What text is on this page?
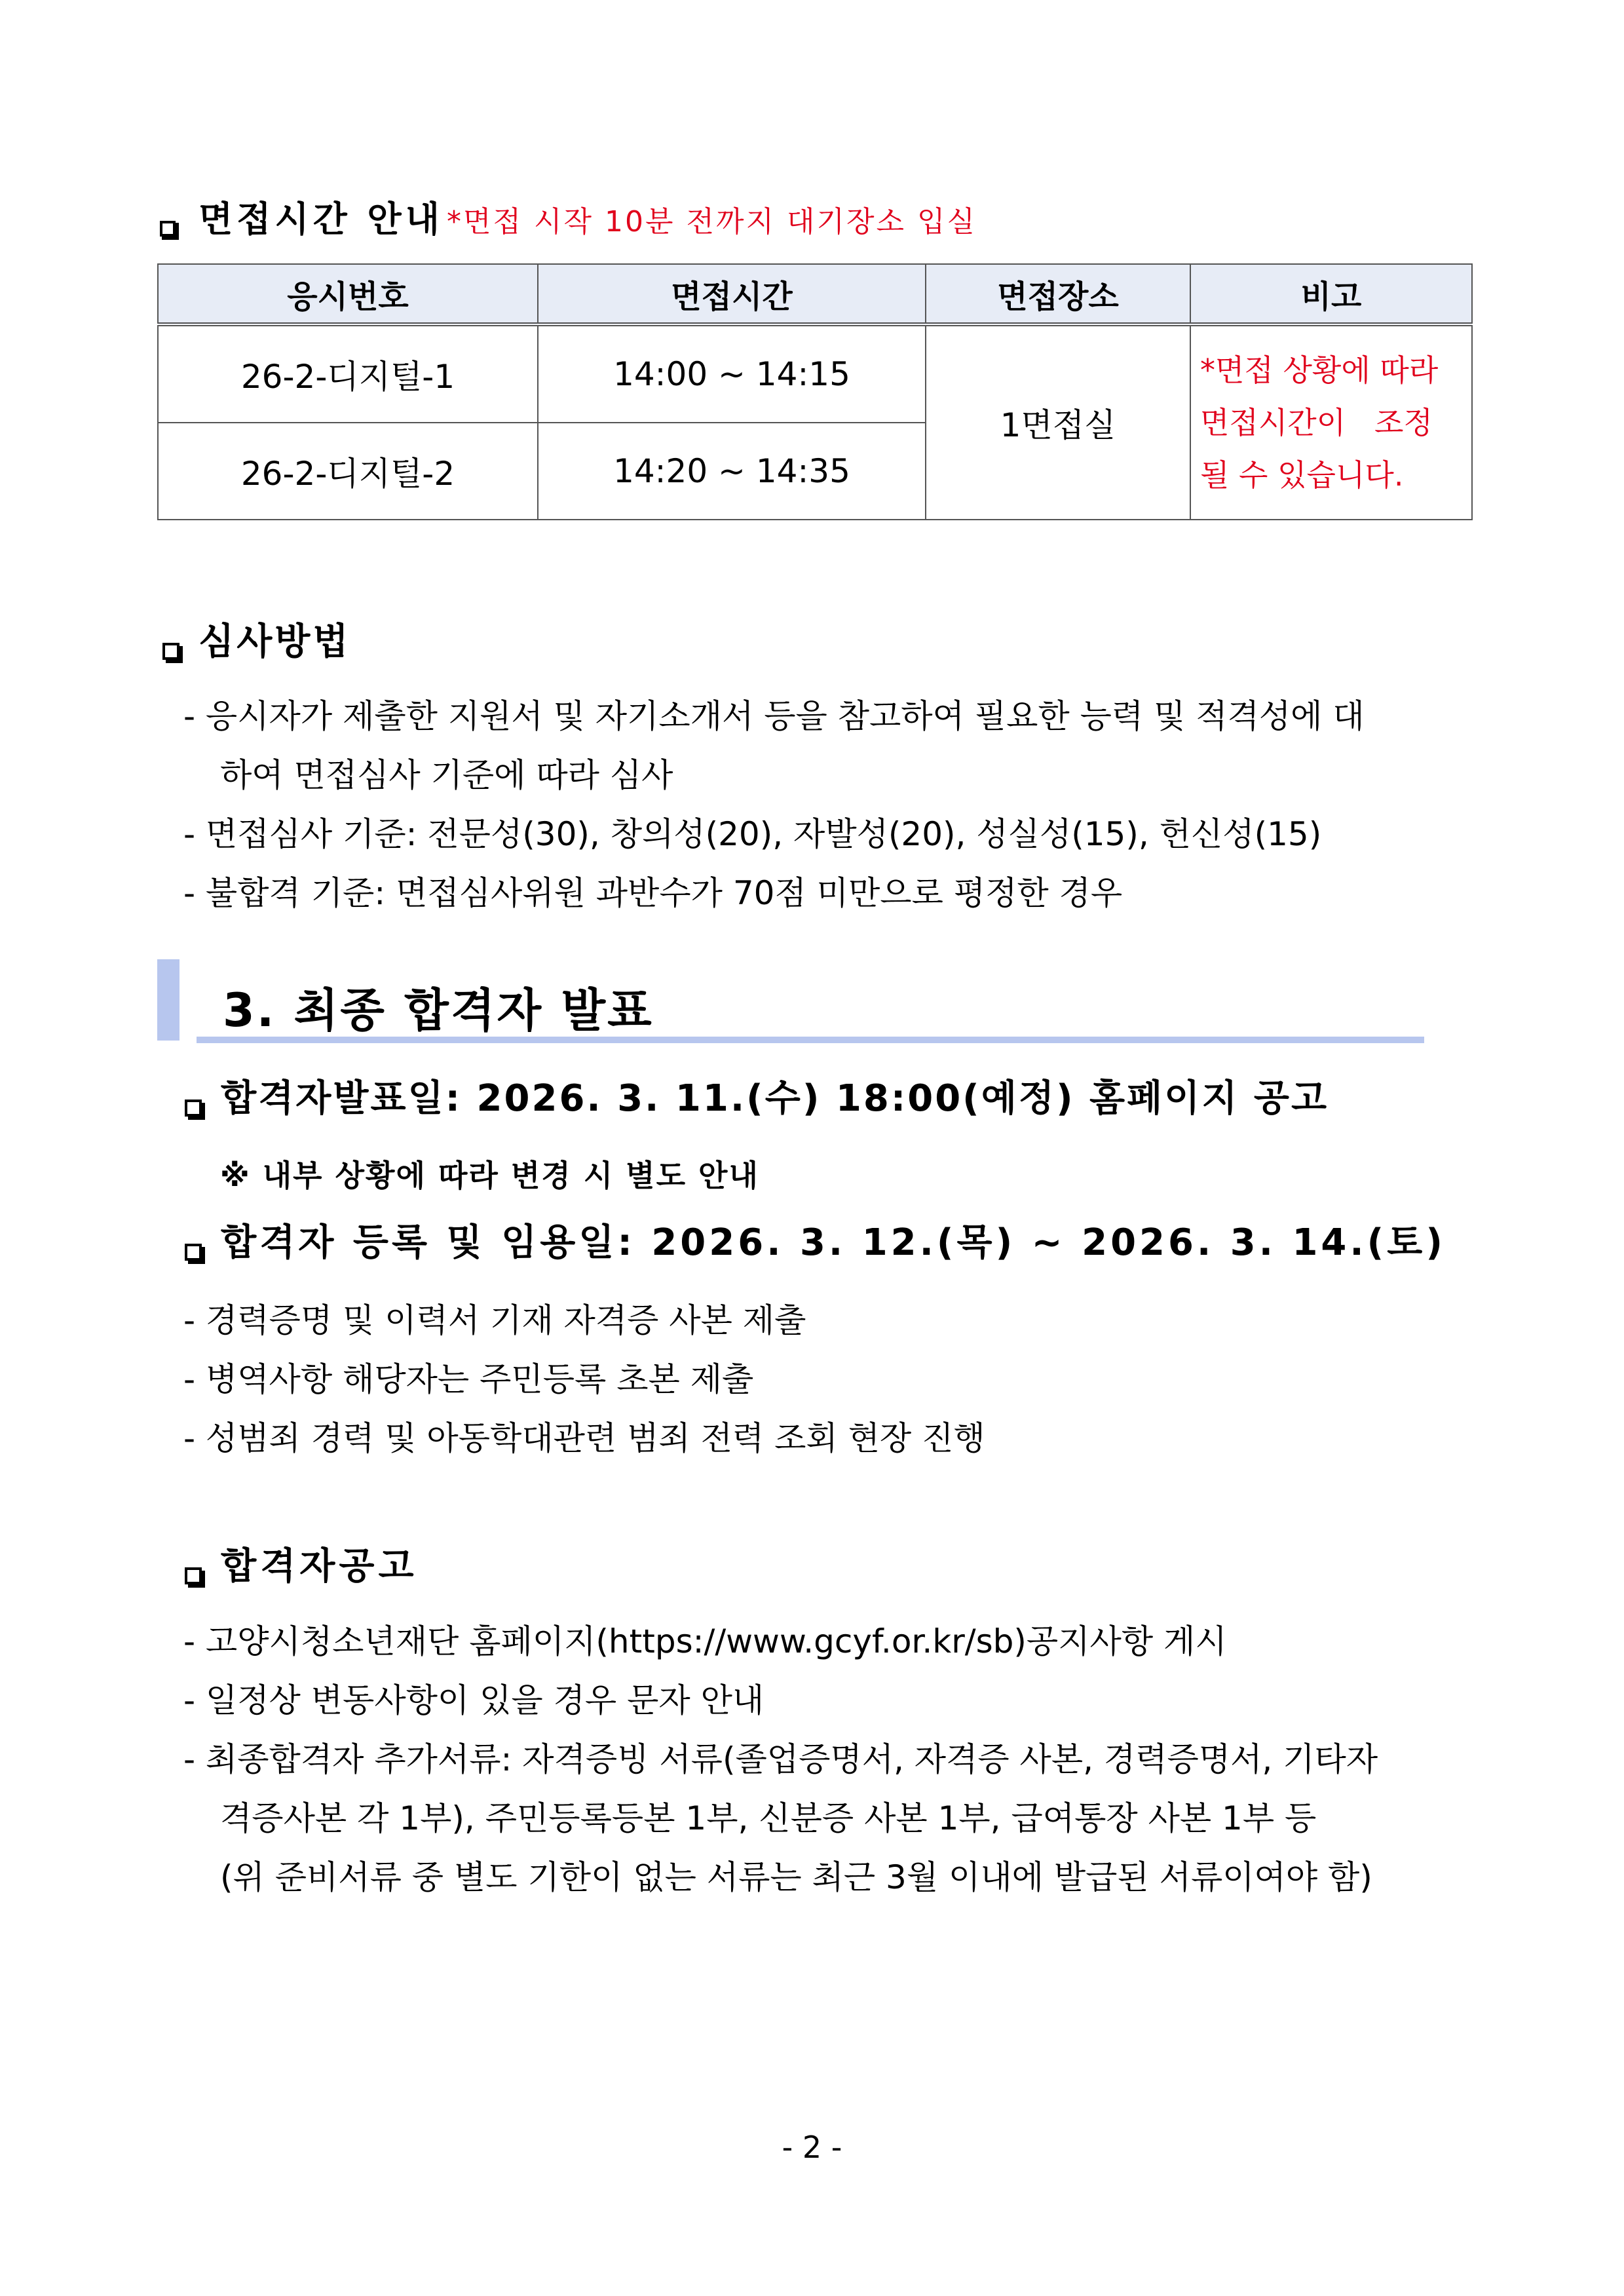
면접시간 안내 *면접 시작 10분 전까지 대기장소 입실
응시번호	면접시간	면접장소	비고
26-2-디지털-1	14:00 ~ 14:15	1면접실	*면접 상황에 따라
면접시간이   조정
될 수 있습니다.

26-2-디지털-2	14:20 ~ 14:35		
심사방법
- 응시자가 제출한 지원서 및 자기소개서 등을 참고하여 필요한 능력 및 적격성에 대
하여 면접심사 기준에 따라 심사
- 면접심사 기준: 전문성(30), 창의성(20), 자발성(20), 성실성(15), 헌신성(15)
- 불합격 기준: 면접심사위원 과반수가 70점 미만으로 평정한 경우
3. 최종 합격자 발표
합격자발표일: 2026. 3. 11.(수) 18:00(예정) 홈페이지 공고
※ 내부 상황에 따라 변경 시 별도 안내
합격자 등록 및 임용일: 2026. 3. 12.(목) ~ 2026. 3. 14.(토)
- 경력증명 및 이력서 기재 자격증 사본 제출
- 병역사항 해당자는 주민등록 초본 제출
- 성범죄 경력 및 아동학대관련 범죄 전력 조회 현장 진행
합격자공고
- 고양시청소년재단 홈페이지(https://www.gcyf.or.kr/sb)공지사항 게시
- 일정상 변동사항이 있을 경우 문자 안내
- 최종합격자 추가서류: 자격증빙 서류(졸업증명서, 자격증 사본, 경력증명서, 기타자
격증사본 각 1부), 주민등록등본 1부, 신분증 사본 1부, 급여통장 사본 1부 등
(위 준비서류 중 별도 기한이 없는 서류는 최근 3월 이내에 발급된 서류이여야 함)
- 2 -
